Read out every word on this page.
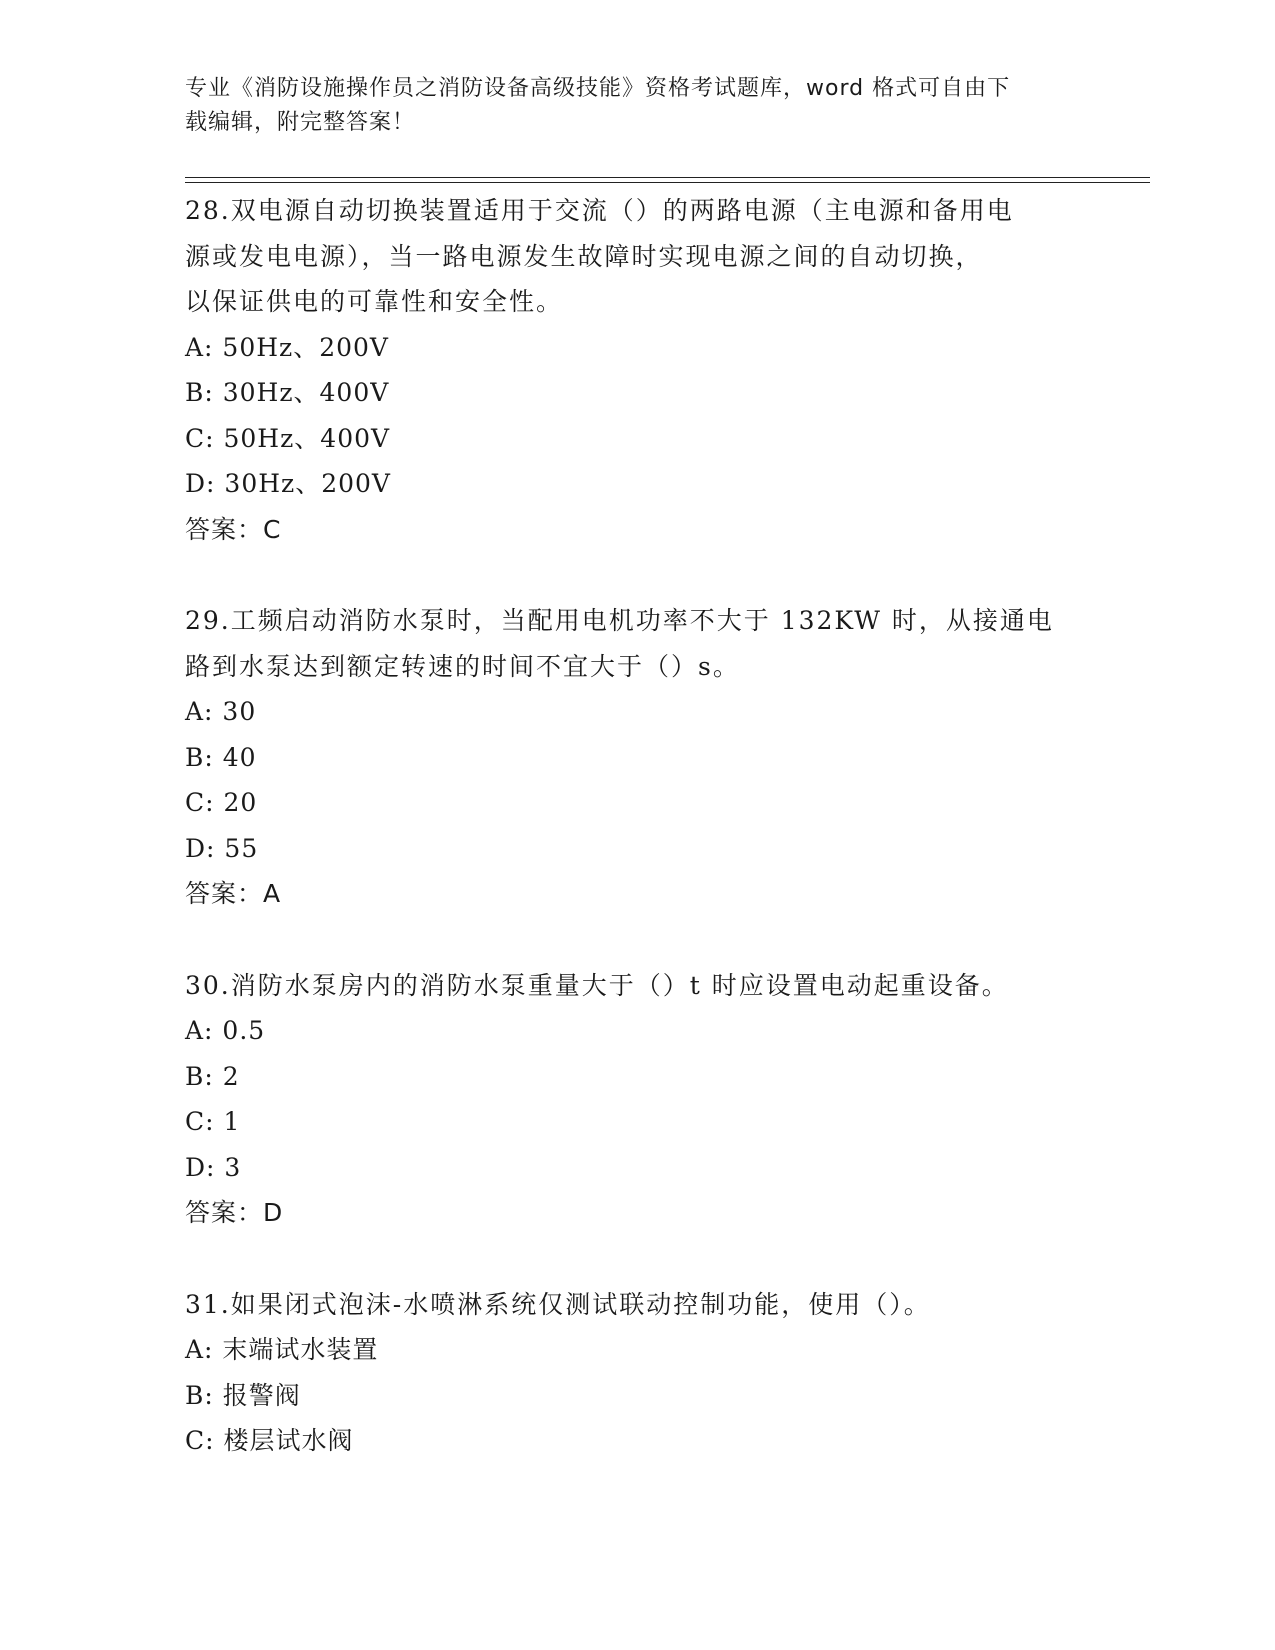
专业《消防设施操作员之消防设备高级技能》资格考试题库，word 格式可自由下
载编辑，附完整答案！
28.双电源自动切换装置适用于交流（）的两路电源（主电源和备用电
源或发电电源），当一路电源发生故障时实现电源之间的自动切换，
以保证供电的可靠性和安全性。
A: 50Hz、200V
B: 30Hz、400V
C: 50Hz、400V
D: 30Hz、200V
答案：C
29.工频启动消防水泵时，当配用电机功率不大于 132KW 时，从接通电
路到水泵达到额定转速的时间不宜大于（）s。
A: 30
B: 40
C: 20
D: 55
答案：A
30.消防水泵房内的消防水泵重量大于（）t 时应设置电动起重设备。
A: 0.5
B: 2
C: 1
D: 3
答案：D
31.如果闭式泡沫-水喷淋系统仅测试联动控制功能，使用（）。
A: 末端试水装置
B: 报警阀
C: 楼层试水阀
